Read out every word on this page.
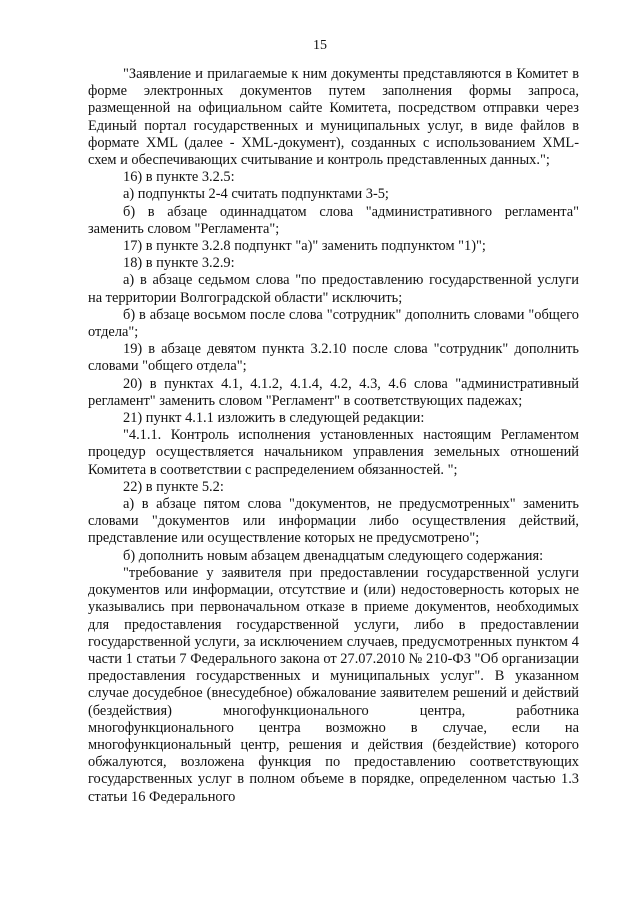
15

"Заявление и прилагаемые к ним документы представляются в Комитет в форме электронных документов путем заполнения формы запроса, размещенной на официальном сайте Комитета, посредством отправки через Единый портал государственных и муниципальных услуг, в виде файлов в формате XML (далее - XML-документ), созданных с использованием XML-схем и обеспечивающих считывание и контроль представленных данных.";

16) в пункте 3.2.5:

а) подпункты 2-4 считать подпунктами 3-5;

б) в абзаце одиннадцатом слова "административного регламента" заменить словом "Регламента";

17) в пункте 3.2.8 подпункт "а)" заменить подпунктом "1)";

18) в пункте 3.2.9:

а) в абзаце седьмом слова "по предоставлению государственной услуги на территории Волгоградской области" исключить;

б) в абзаце восьмом после слова "сотрудник" дополнить словами "общего отдела";

19) в абзаце девятом пункта 3.2.10 после слова "сотрудник" дополнить словами "общего отдела";

20) в пунктах 4.1, 4.1.2, 4.1.4, 4.2, 4.3, 4.6 слова "административный регламент" заменить словом "Регламент" в соответствующих падежах;

21) пункт 4.1.1 изложить в следующей редакции:

"4.1.1. Контроль исполнения установленных настоящим Регламентом процедур осуществляется начальником управления земельных отношений Комитета в соответствии с распределением обязанностей. ";

22) в пункте 5.2:

а) в абзаце пятом слова "документов, не предусмотренных" заменить словами "документов или информации либо осуществления действий, представление или осуществление которых не предусмотрено";

б) дополнить новым абзацем двенадцатым следующего содержания:

"требование у заявителя при предоставлении государственной услуги документов или информации, отсутствие и (или) недостоверность которых не указывались при первоначальном отказе в приеме документов, необходимых для предоставления государственной услуги, либо в предоставлении государственной услуги, за исключением случаев, предусмотренных пунктом 4 части 1 статьи 7 Федерального закона от 27.07.2010 № 210-ФЗ "Об организации предоставления государственных и муниципальных услуг". В указанном случае досудебное (внесудебное) обжалование заявителем решений и действий (бездействия) многофункционального центра, работника многофункционального центра возможно в случае, если на многофункциональный центр, решения и действия (бездействие) которого обжалуются, возложена функция по предоставлению соответствующих государственных услуг в полном объеме в порядке, определенном частью 1.3 статьи 16 Федерального
